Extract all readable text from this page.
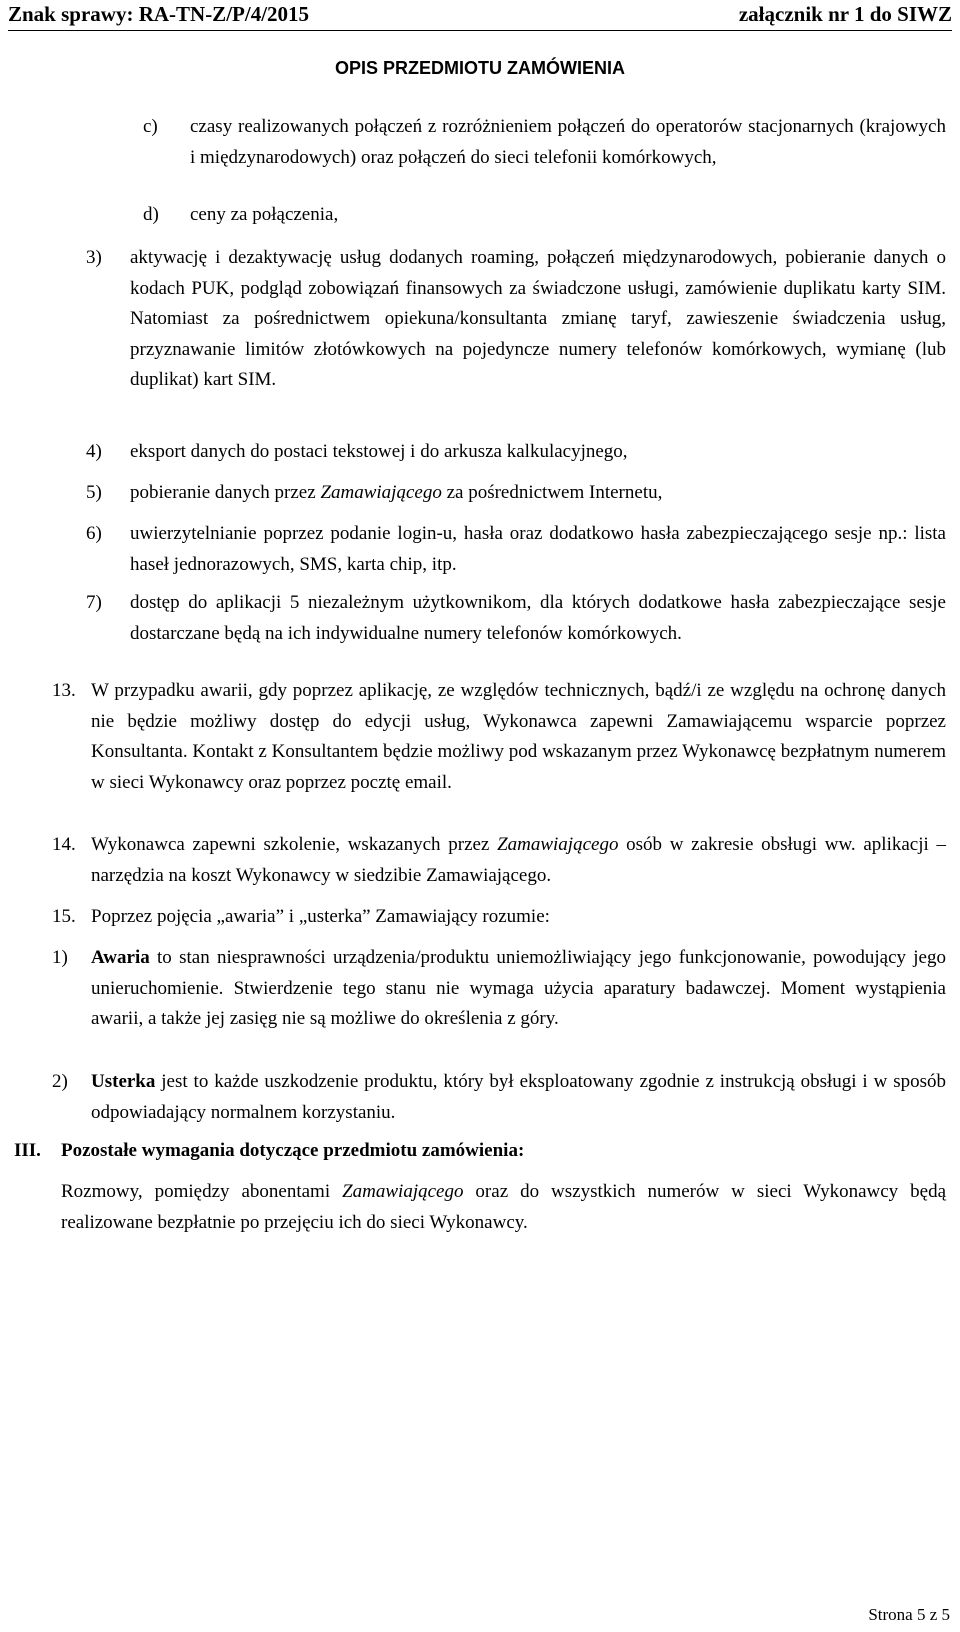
Znak sprawy: RA-TN-Z/P/4/2015	załącznik nr 1 do SIWZ
OPIS PRZEDMIOTU ZAMÓWIENIA
c) czasy realizowanych połączeń z rozróżnieniem połączeń do operatorów stacjonarnych (krajowych i międzynarodowych) oraz połączeń do sieci telefonii komórkowych,
d) ceny za połączenia,
3) aktywację i dezaktywację usług dodanych roaming, połączeń międzynarodowych, pobieranie danych o kodach PUK, podgląd zobowiązań finansowych za świadczone usługi, zamówienie duplikatu karty SIM. Natomiast za pośrednictwem opiekuna/konsultanta zmianę taryf, zawieszenie świadczenia usług, przyznawanie limitów złotówkowych na pojedyncze numery telefonów komórkowych, wymianę (lub duplikat) kart SIM.
4) eksport danych do postaci tekstowej i do arkusza kalkulacyjnego,
5) pobieranie danych przez Zamawiającego za pośrednictwem Internetu,
6) uwierzytelnianie poprzez podanie login-u, hasła oraz dodatkowo hasła zabezpieczającego sesje np.: lista haseł jednorazowych, SMS, karta chip, itp.
7) dostęp do aplikacji 5 niezależnym użytkownikom, dla których dodatkowe hasła zabezpieczające sesje dostarczane będą na ich indywidualne numery telefonów komórkowych.
13. W przypadku awarii, gdy poprzez aplikację, ze względów technicznych, bądź/i ze względu na ochronę danych nie będzie możliwy dostęp do edycji usług, Wykonawca zapewni Zamawiającemu wsparcie poprzez Konsultanta. Kontakt z Konsultantem będzie możliwy pod wskazanym przez Wykonawcę bezpłatnym numerem w sieci Wykonawcy oraz poprzez pocztę email.
14. Wykonawca zapewni szkolenie, wskazanych przez Zamawiającego osób w zakresie obsługi ww. aplikacji – narzędzia na koszt Wykonawcy w siedzibie Zamawiającego.
15. Poprzez pojęcia „awaria” i „usterka” Zamawiający rozumie:
1) Awaria to stan niesprawności urządzenia/produktu uniemożliwiający jego funkcjonowanie, powodujący jego unieruchomienie. Stwierdzenie tego stanu nie wymaga użycia aparatury badawczej. Moment wystąpienia awarii, a także jej zasięg nie są możliwe do określenia z góry.
2) Usterka jest to każde uszkodzenie produktu, który był eksploatowany zgodnie z instrukcją obsługi i w sposób odpowiadający normalnem korzystaniu.
III. Pozostałe wymagania dotyczące przedmiotu zamówienia:
Rozmowy, pomiędzy abonentami Zamawiającego oraz do wszystkich numerów w sieci Wykonawcy będą realizowane bezpłatnie po przejęciu ich do sieci Wykonawcy.
Strona 5 z 5
